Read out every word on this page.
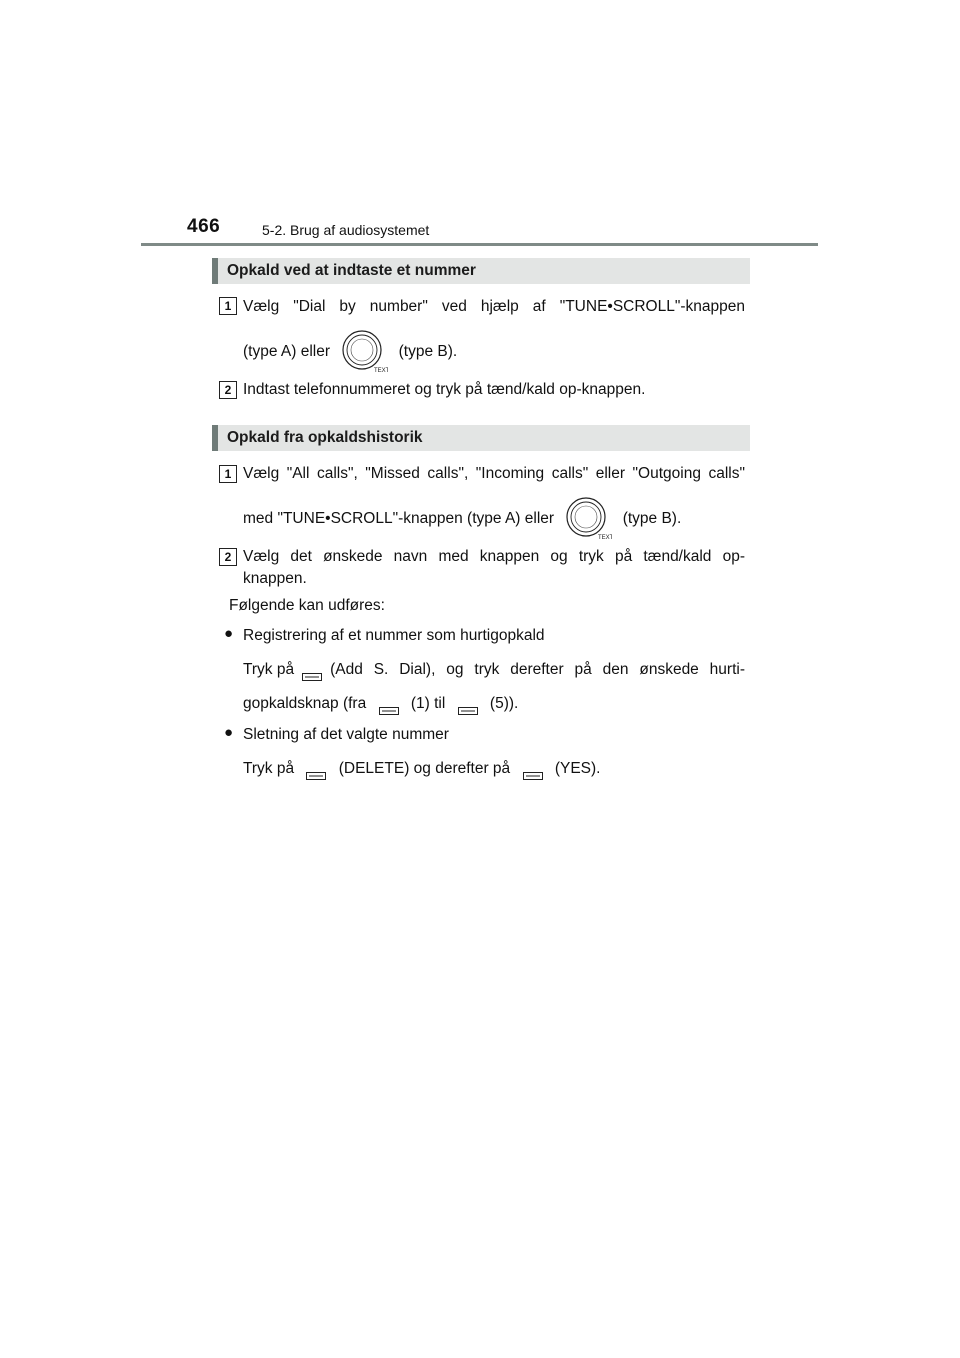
466	5-2. Brug af audiosystemet
Opkald ved at indtaste et nummer
1 Vælg "Dial by number" ved hjælp af "TUNE•SCROLL"-knappen
(type A) eller
TEXT
(type B).
2 Indtast telefonnummeret og tryk på tænd/kald op-knappen.
Opkald fra opkaldshistorik
1 Vælg "All calls", "Missed calls", "Incoming calls" eller "Outgoing calls"
med "TUNE•SCROLL"-knappen (type A) eller
TEXT
(type B).
2 Vælg det ønskede navn med knappen og tryk på tænd/kald op-
knappen.
Følgende kan udføres:
● Registrering af et nummer som hurtigopkald
Tryk på (Add S. Dial), og tryk derefter på den ønskede hurti-
gopkaldsknap (fra	(1) til	(5)).
● Sletning af det valgte nummer
Tryk på	(DELETE) og derefter på	(YES).
